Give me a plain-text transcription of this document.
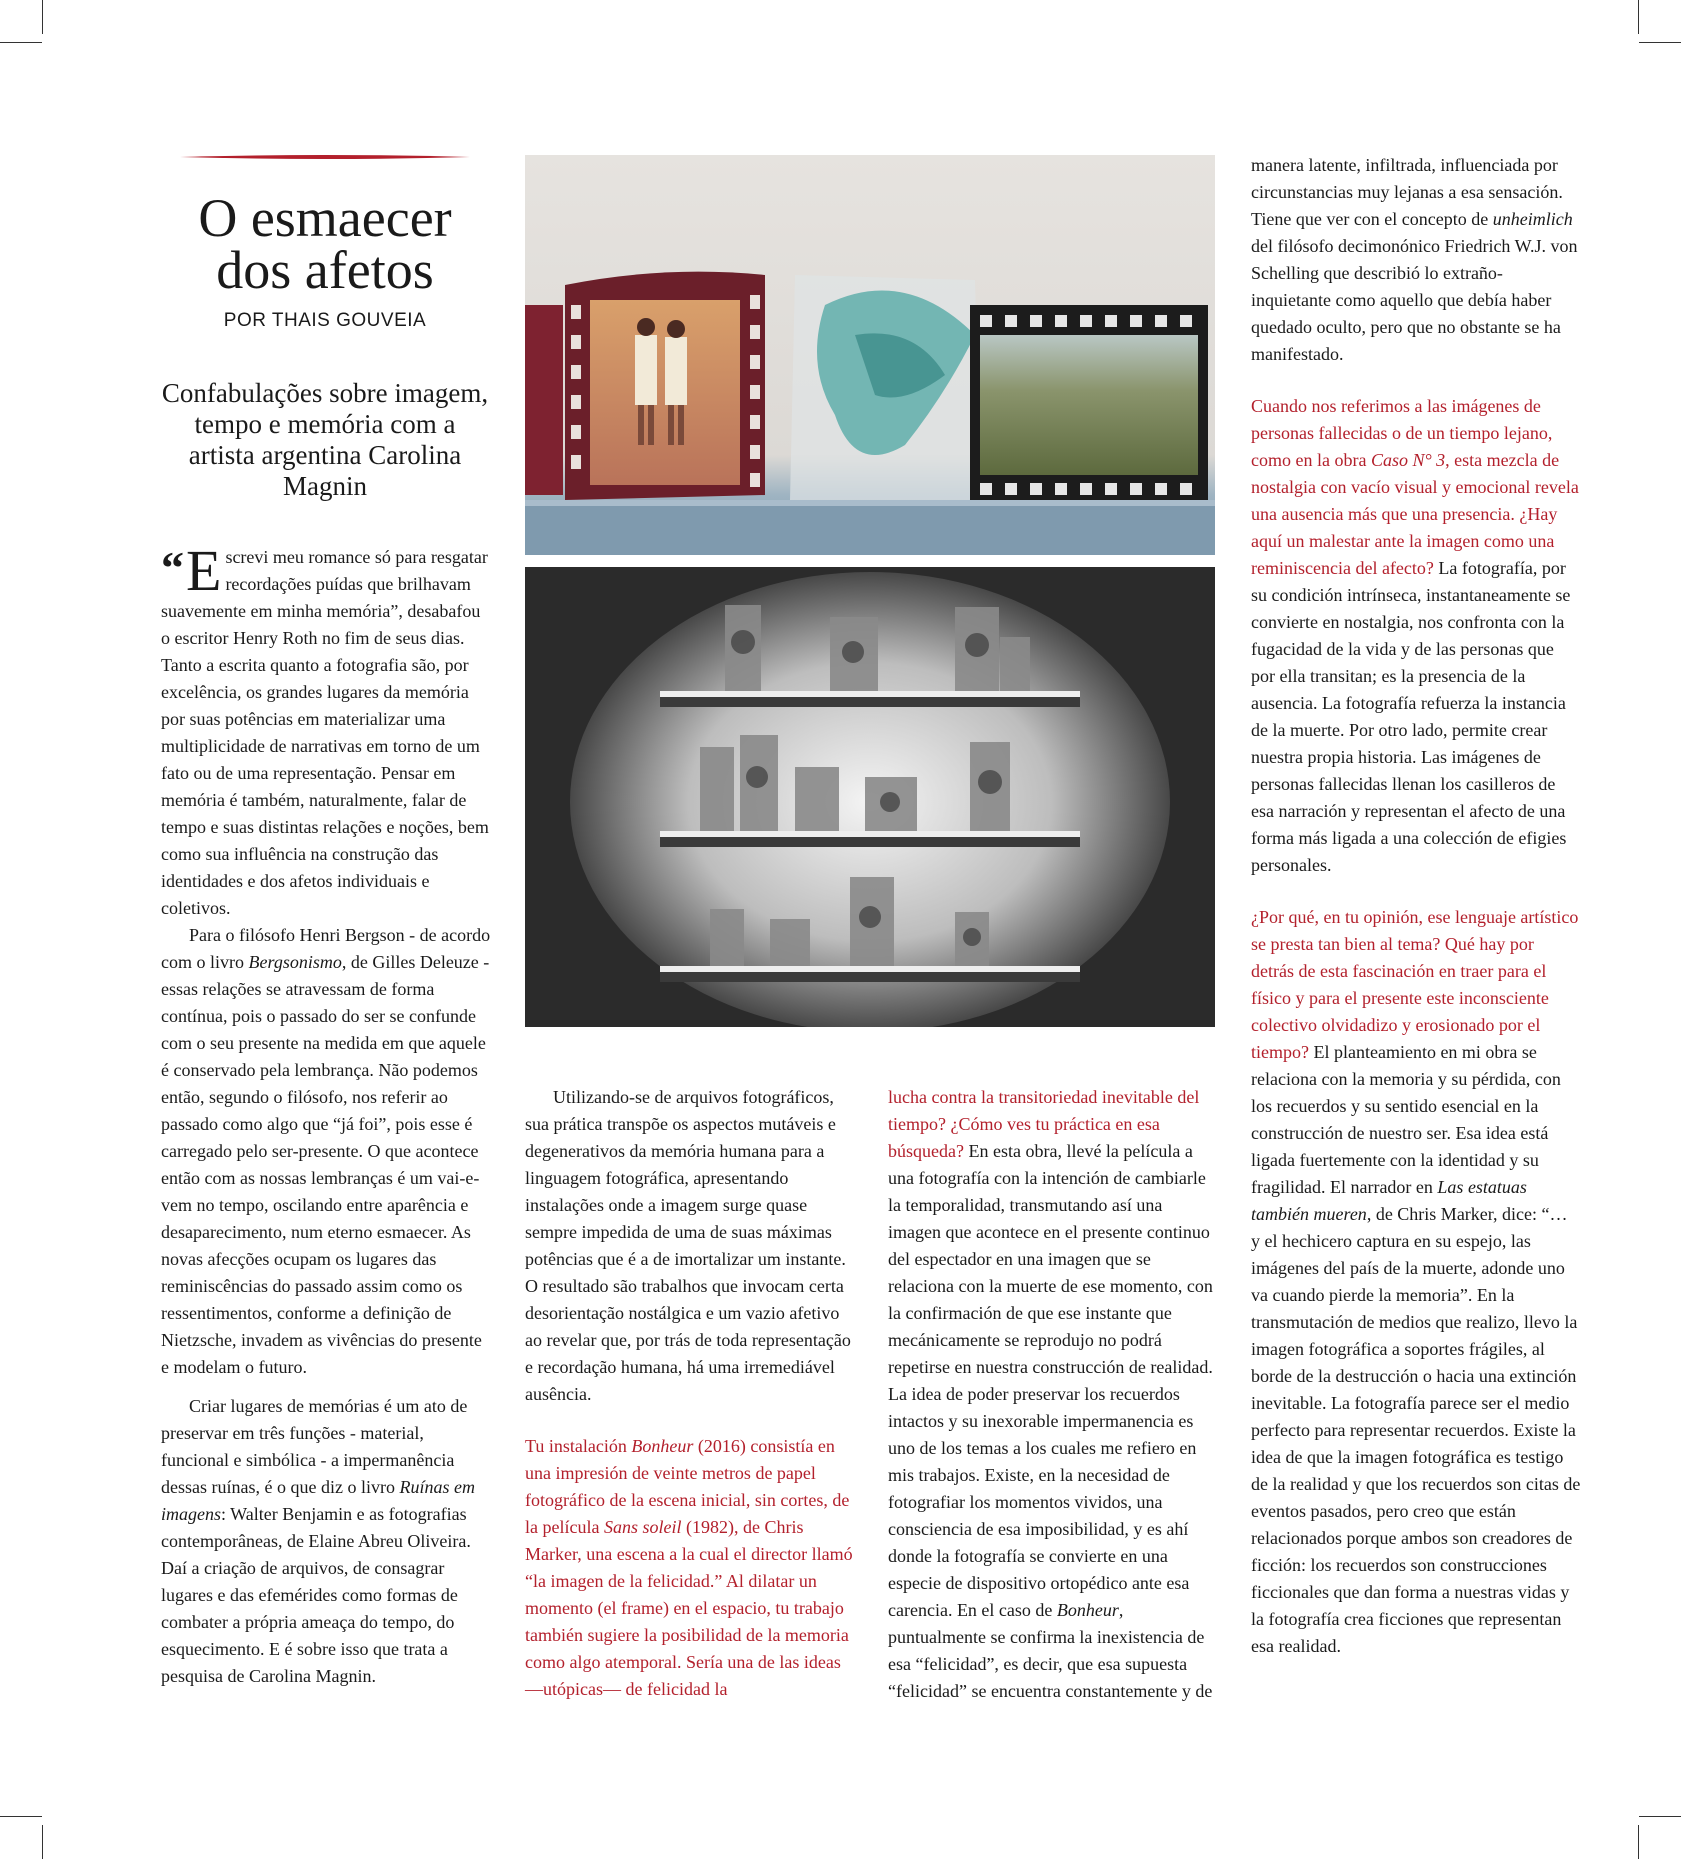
O esmaecer
dos afetos
POR THAIS GOUVEIA
Confabulações sobre imagem, tempo e memória com a artista argentina Carolina Magnin

“ E screvi meu romance só para resgatar recordações puídas que brilhavam suavemente em minha memória”, desabafou o escritor Henry Roth no fim de seus dias. Tanto a escrita quanto a fotografia são, por excelência, os grandes lugares da memória por suas potências em materializar uma multiplicidade de narrativas em torno de um fato ou de uma representação. Pensar em memória é também, naturalmente, falar de tempo e suas distintas relações e noções, bem como sua influência na construção das identidades e dos afetos individuais e coletivos.

Para o filósofo Henri Bergson - de acordo com o livro Bergsonismo, de Gilles Deleuze - essas relações se atravessam de forma contínua, pois o passado do ser se confunde com o seu presente na medida em que aquele é conservado pela lembrança. Não podemos então, segundo o filósofo, nos referir ao passado como algo que “já foi”, pois esse é carregado pelo ser-presente. O que acontece então com as nossas lembranças é um vai-e-vem no tempo, oscilando entre aparência e desaparecimento, num eterno esmaecer. As novas afecções ocupam os lugares das reminiscências do passado assim como os ressentimentos, conforme a definição de Nietzsche, invadem as vivências do presente e modelam o futuro.

Criar lugares de memórias é um ato de preservar em três funções - material, funcional e simbólica - a impermanência dessas ruínas, é o que diz o livro Ruínas em imagens: Walter Benjamin e as fotografias contemporâneas, de Elaine Abreu Oliveira. Daí a criação de arquivos, de consagrar lugares e das efemérides como formas de combater a própria ameaça do tempo, do esquecimento. E é sobre isso que trata a pesquisa de Carolina Magnin.

Utilizando-se de arquivos fotográficos, sua prática transpõe os aspectos mutáveis e degenerativos da memória humana para a linguagem fotográfica, apresentando instalações onde a imagem surge quase sempre impedida de uma de suas máximas potências que é a de imortalizar um instante. O resultado são trabalhos que invocam certa desorientação nostálgica e um vazio afetivo ao revelar que, por trás de toda representação e recordação humana, há uma irremediável ausência.

Tu instalación Bonheur (2016) consistía en una impresión de veinte metros de papel fotográfico de la escena inicial, sin cortes, de la película Sans soleil (1982), de Chris Marker, una escena a la cual el director llamó “la imagen de la felicidad.” Al dilatar un momento (el frame) en el espacio, tu trabajo también sugiere la posibilidad de la memoria como algo atemporal. Sería una de las ideas —utópicas— de felicidad la

lucha contra la transitoriedad inevitable del tiempo? ¿Cómo ves tu práctica en esa búsqueda? En esta obra, llevé la película a una fotografía con la intención de cambiarle la temporalidad, transmutando así una imagen que acontece en el presente continuo del espectador en una imagen que se relaciona con la muerte de ese momento, con la confirmación de que ese instante que mecánicamente se reprodujo no podrá repetirse en nuestra construcción de realidad. La idea de poder preservar los recuerdos intactos y su inexorable impermanencia es uno de los temas a los cuales me refiero en mis trabajos. Existe, en la necesidad de fotografiar los momentos vividos, una consciencia de esa imposibilidad, y es ahí donde la fotografía se convierte en una especie de dispositivo ortopédico ante esa carencia. En el caso de Bonheur, puntualmente se confirma la inexistencia de esa “felicidad”, es decir, que esa supuesta “felicidad” se encuentra constantemente y de

manera latente, infiltrada, influenciada por circunstancias muy lejanas a esa sensación. Tiene que ver con el concepto de unheimlich del filósofo decimonónico Friedrich W.J. von Schelling que describió lo extraño-inquietante como aquello que debía haber quedado oculto, pero que no obstante se ha manifestado.

Cuando nos referimos a las imágenes de personas fallecidas o de un tiempo lejano, como en la obra Caso N° 3, esta mezcla de nostalgia con vacío visual y emocional revela una ausencia más que una presencia. ¿Hay aquí un malestar ante la imagen como una reminiscencia del afecto? La fotografía, por su condición intrínseca, instantaneamente se convierte en nostalgia, nos confronta con la fugacidad de la vida y de las personas que por ella transitan; es la presencia de la ausencia. La fotografía refuerza la instancia de la muerte. Por otro lado, permite crear nuestra propia historia. Las imágenes de personas fallecidas llenan los casilleros de esa narración y representan el afecto de una forma más ligada a una colección de efigies personales.

¿Por qué, en tu opinión, ese lenguaje artístico se presta tan bien al tema? Qué hay por detrás de esta fascinación en traer para el físico y para el presente este inconsciente colectivo olvidadizo y erosionado por el tiempo? El planteamiento en mi obra se relaciona con la memoria y su pérdida, con los recuerdos y su sentido esencial en la construcción de nuestro ser. Esa idea está ligada fuertemente con la identidad y su fragilidad. El narrador en Las estatuas también mueren, de Chris Marker, dice: “… y el hechicero captura en su espejo, las imágenes del país de la muerte, adonde uno va cuando pierde la memoria”. En la transmutación de medios que realizo, llevo la imagen fotográfica a soportes frágiles, al borde de la destrucción o hacia una extinción inevitable. La fotografía parece ser el medio perfecto para representar recuerdos. Existe la idea de que la imagen fotográfica es testigo de la realidad y que los recuerdos son citas de eventos pasados, pero creo que están relacionados porque ambos son creadores de ficción: los recuerdos son construcciones ficcionales que dan forma a nuestras vidas y la fotografía crea ficciones que representan esa realidad.
